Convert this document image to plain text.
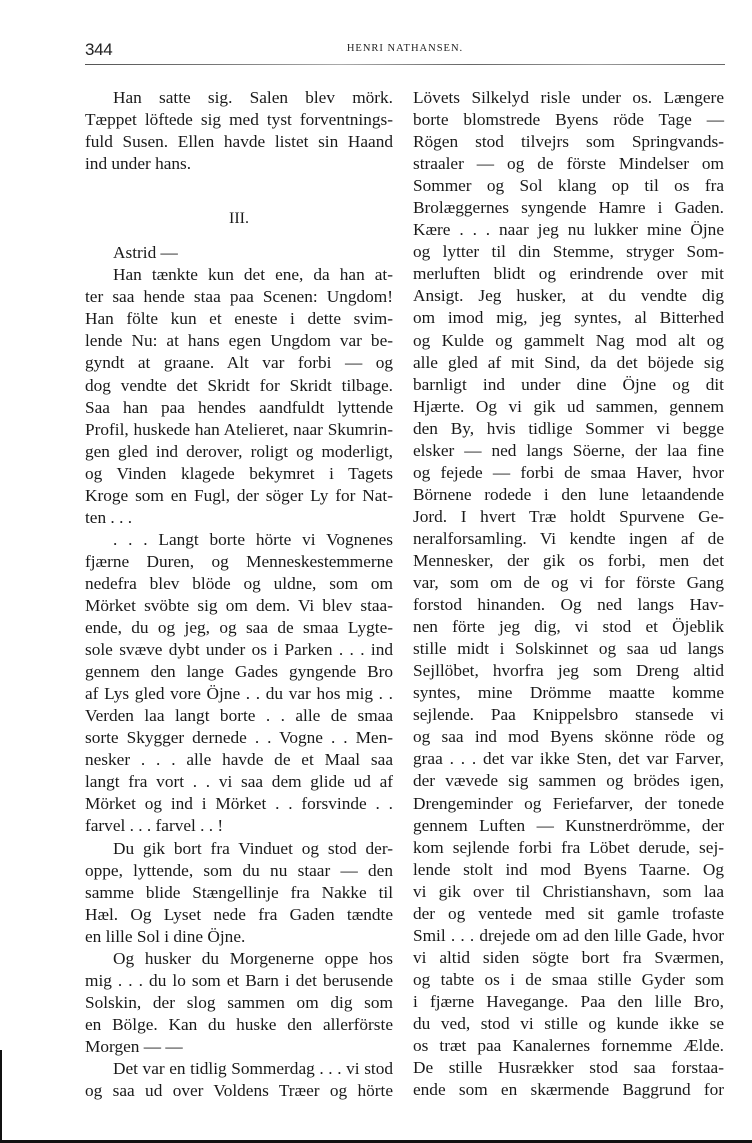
344	HENRI NATHANSEN.
Han satte sig. Salen blev mörk.
Tæppet löftede sig med tyst forventnings-
fuld Susen. Ellen havde listet sin Haand
ind under hans.
III.
Astrid —
Han tænkte kun det ene, da han at-
ter saa hende staa paa Scenen: Ungdom!
Han fölte kun et eneste i dette svim-
lende Nu: at hans egen Ungdom var be-
gyndt at graane. Alt var forbi — og
dog vendte det Skridt for Skridt tilbage.
Saa han paa hendes aandfuldt lyttende
Profil, huskede han Atelieret, naar Skumrin-
gen gled ind derover, roligt og moderligt,
og Vinden klagede bekymret i Tagets
Kroge som en Fugl, der söger Ly for Nat-
ten . . .
. . . Langt borte hörte vi Vognenes
fjærne Duren, og Menneskestemmerne
nedefra blev blöde og uldne, som om
Mörket svöbte sig om dem. Vi blev staa-
ende, du og jeg, og saa de smaa Lygte-
sole svæve dybt under os i Parken . . . ind
gennem den lange Gades gyngende Bro
af Lys gled vore Öjne . . du var hos mig . .
Verden laa langt borte . . alle de smaa
sorte Skygger dernede . . Vogne . . Men-
nesker . . . alle havde de et Maal saa
langt fra vort . . vi saa dem glide ud af
Mörket og ind i Mörket . . forsvinde . .
farvel . . . farvel . . !
Du gik bort fra Vinduet og stod der-
oppe, lyttende, som du nu staar — den
samme blide Stængellinje fra Nakke til
Hæl. Og Lyset nede fra Gaden tændte
en lille Sol i dine Öjne.
Og husker du Morgenerne oppe hos
mig . . . du lo som et Barn i det berusende
Solskin, der slog sammen om dig som
en Bölge. Kan du huske den allerförste
Morgen — —
Det var en tidlig Sommerdag . . . vi stod
og saa ud over Voldens Træer og hörte
Lövets Silkelyd risle under os. Længere
borte blomstrede Byens röde Tage —
Rögen stod tilvejrs som Springvands-
straaler — og de förste Mindelser om
Sommer og Sol klang op til os fra
Brolæggernes syngende Hamre i Gaden.
Kære . . . naar jeg nu lukker mine Öjne
og lytter til din Stemme, stryger Som-
merluften blidt og erindrende over mit
Ansigt. Jeg husker, at du vendte dig
om imod mig, jeg syntes, al Bitterhed
og Kulde og gammelt Nag mod alt og
alle gled af mit Sind, da det böjede sig
barnligt ind under dine Öjne og dit
Hjærte. Og vi gik ud sammen, gennem
den By, hvis tidlige Sommer vi begge
elsker — ned langs Söerne, der laa fine
og fejede — forbi de smaa Haver, hvor
Börnene rodede i den lune letaandende
Jord. I hvert Træ holdt Spurvene Ge-
neralforsamling. Vi kendte ingen af de
Mennesker, der gik os forbi, men det
var, som om de og vi for förste Gang
forstod hinanden. Og ned langs Hav-
nen förte jeg dig, vi stod et Öjeblik
stille midt i Solskinnet og saa ud langs
Sejllöbet, hvorfra jeg som Dreng altid
syntes, mine Drömme maatte komme
sejlende. Paa Knippelsbro stansede vi
og saa ind mod Byens skönne röde og
graa . . . det var ikke Sten, det var Farver,
der vævede sig sammen og brödes igen,
Drengeminder og Feriefarver, der tonede
gennem Luften — Kunstnerdrömme, der
kom sejlende forbi fra Löbet derude, sej-
lende stolt ind mod Byens Taarne. Og
vi gik over til Christianshavn, som laa
der og ventede med sit gamle trofaste
Smil . . . drejede om ad den lille Gade, hvor
vi altid siden sögte bort fra Sværmen,
og tabte os i de smaa stille Gyder som
i fjærne Havegange. Paa den lille Bro,
du ved, stod vi stille og kunde ikke se
os træt paa Kanalernes fornemme Ælde.
De stille Husrækker stod saa forstaa-
ende som en skærmende Baggrund for
